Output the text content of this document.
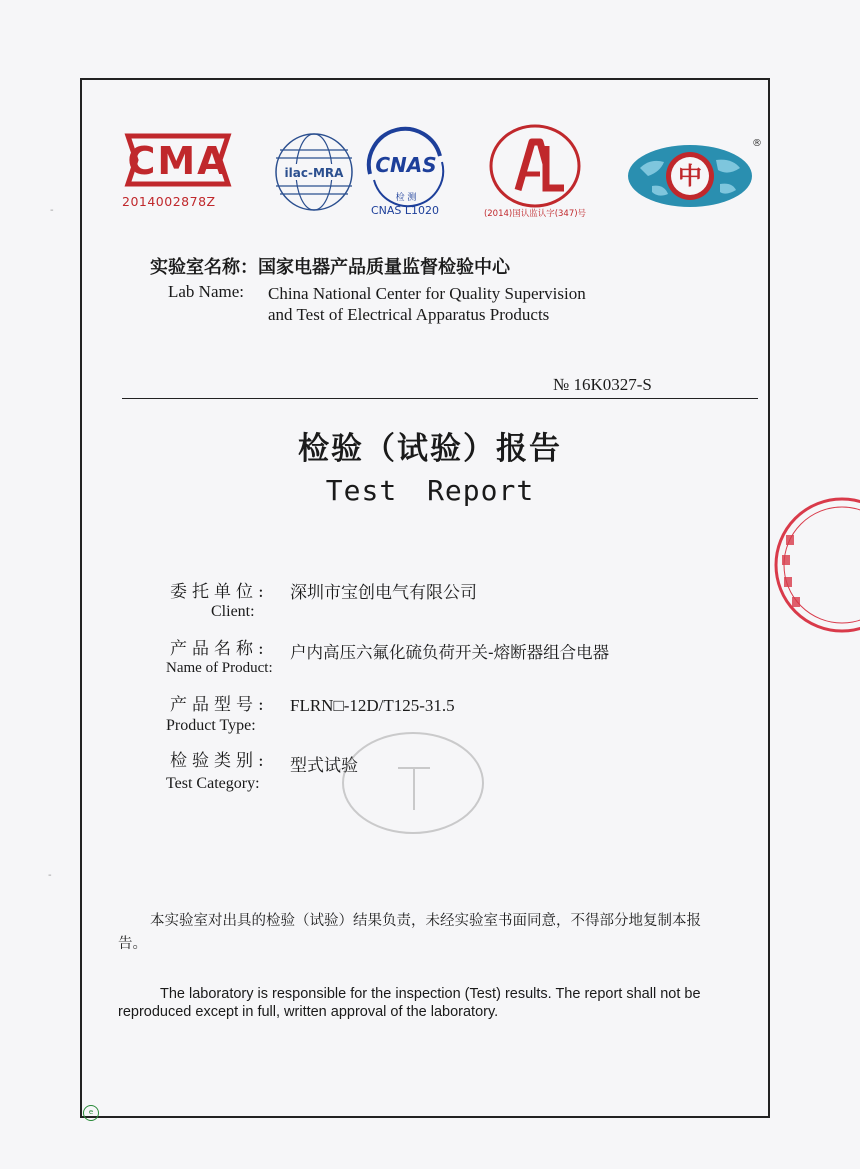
CMA
2014002878Z
ilac-MRA CNAS
检 测
CNAS L1020	(2014)国认监认字(347)号
中
®
实验室名称：国家电器产品质量监督检验中心
Lab Name: China National Center for Quality Supervision
and Test of Electrical Apparatus Products
№ 16K0327-S
检验（试验）报告
Test Report
委托单位: 深圳市宝创电气有限公司
Client:
产品名称: 户内高压六氟化硫负荷开关-熔断器组合电器
Name of Product:
产品型号: FLRN□-12D/T125-31.5
Product Type:
检验类别: 型式试验
Test Category:
本实验室对出具的检验（试验）结果负责，未经实验室书面同意，不得部分地复制本报告。
The laboratory is responsible for the inspection (Test) results. The report shall not be reproduced except in full, written approval of the laboratory.
e
-
-
